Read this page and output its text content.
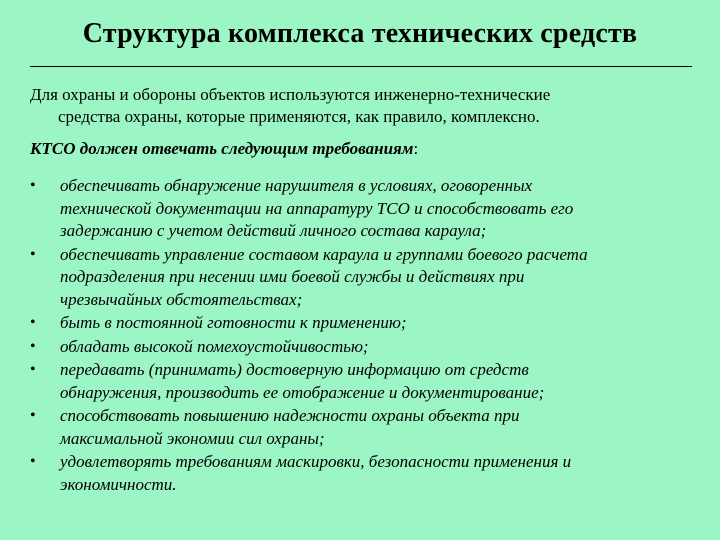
Структура комплекса технических средств
Для охраны и обороны объектов используются инженерно-технические
средства охраны, которые применяются, как правило, комплексно.
КТСО должен отвечать следующим требованиям:
• обеспечивать обнаружение нарушителя в условиях, оговоренных
технической документации на аппаратуру ТСО и способствовать его
задержанию с учетом действий личного состава караула;
• обеспечивать управление составом караула и группами боевого расчета
подразделения при несении ими боевой службы и действиях при
чрезвычайных обстоятельствах;
• быть в постоянной готовности к применению;
• обладать высокой помехоустойчивостью;
• передавать (принимать) достоверную информацию от средств
обнаружения, производить ее отображение и документирование;
• способствовать повышению надежности охраны объекта при
максимальной экономии сил охраны;
• удовлетворять требованиям маскировки, безопасности применения и
экономичности.
